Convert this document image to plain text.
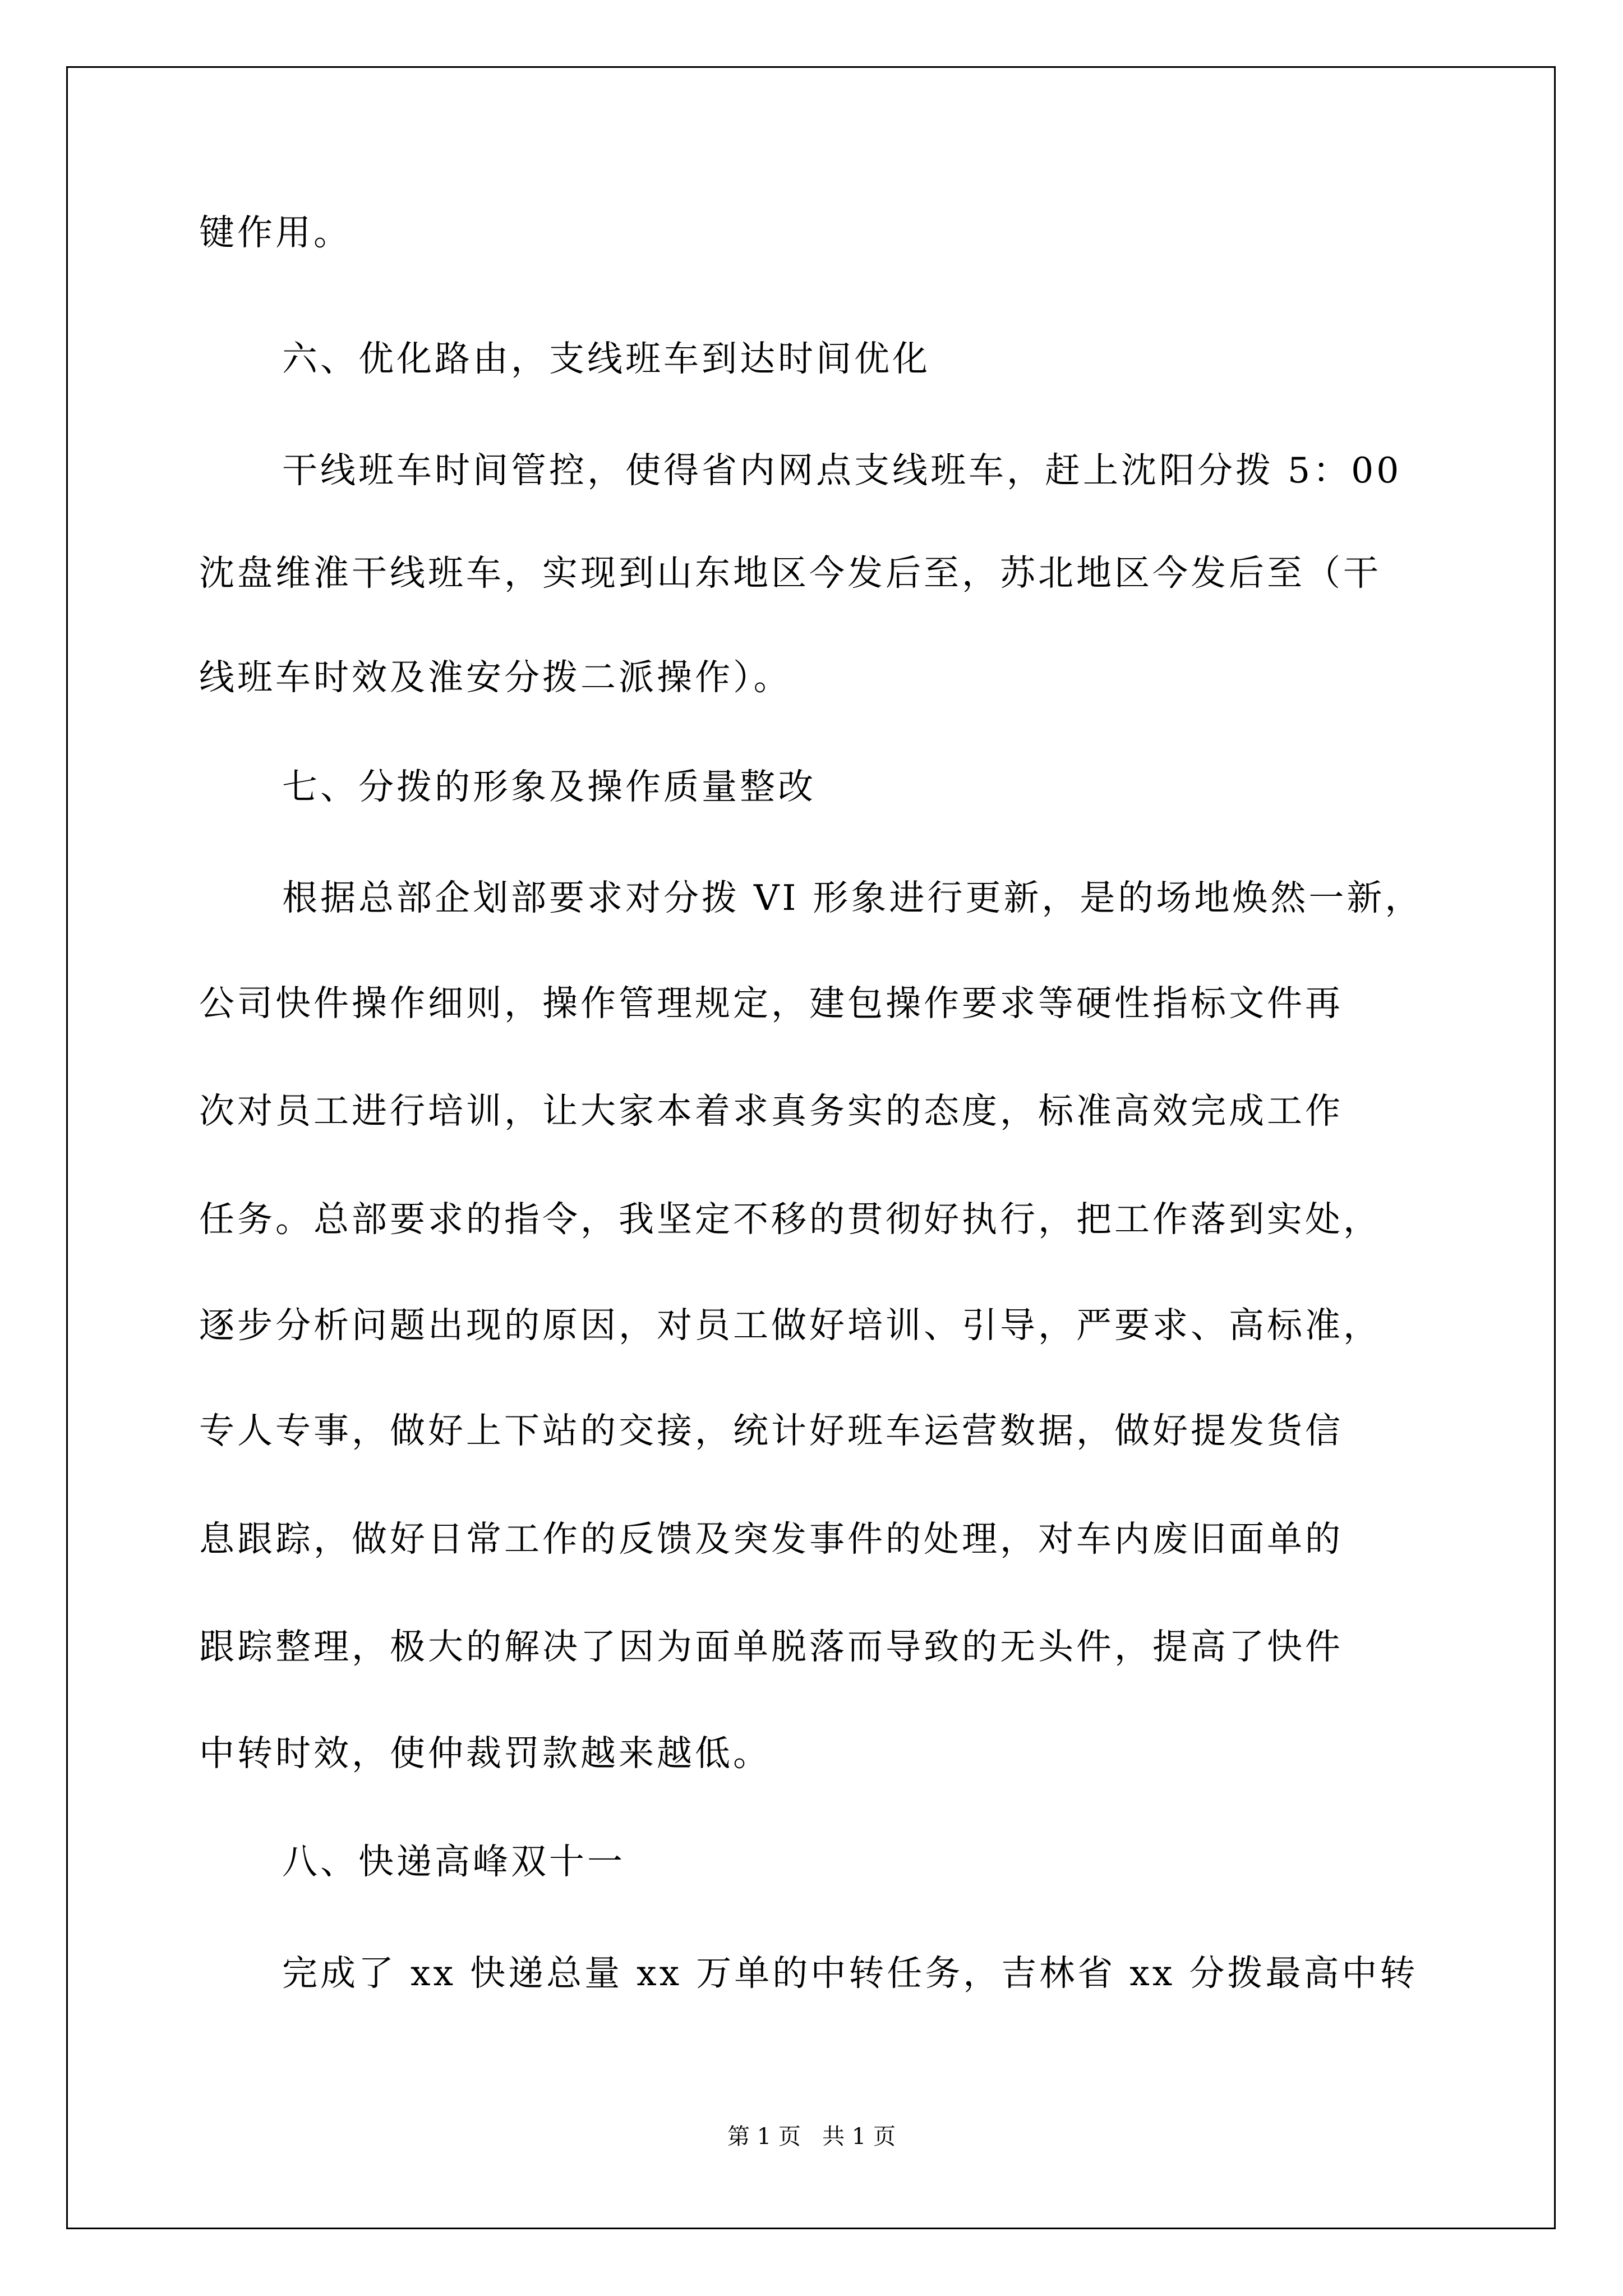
键作用。

六、优化路由，支线班车到达时间优化

干线班车时间管控，使得省内网点支线班车，赶上沈阳分拨 5：00

沈盘维淮干线班车，实现到山东地区今发后至，苏北地区今发后至（干

线班车时效及淮安分拨二派操作）。

七、分拨的形象及操作质量整改

根据总部企划部要求对分拨 VI 形象进行更新，是的场地焕然一新，

公司快件操作细则，操作管理规定，建包操作要求等硬性指标文件再

次对员工进行培训，让大家本着求真务实的态度，标准高效完成工作

任务。总部要求的指令，我坚定不移的贯彻好执行，把工作落到实处，

逐步分析问题出现的原因，对员工做好培训、引导，严要求、高标准，

专人专事，做好上下站的交接，统计好班车运营数据，做好提发货信

息跟踪，做好日常工作的反馈及突发事件的处理，对车内废旧面单的

跟踪整理，极大的解决了因为面单脱落而导致的无头件，提高了快件

中转时效，使仲裁罚款越来越低。

八、快递高峰双十一

完成了 xx 快递总量 xx 万单的中转任务，吉林省 xx 分拨最高中转

第 1 页   共 1 页
